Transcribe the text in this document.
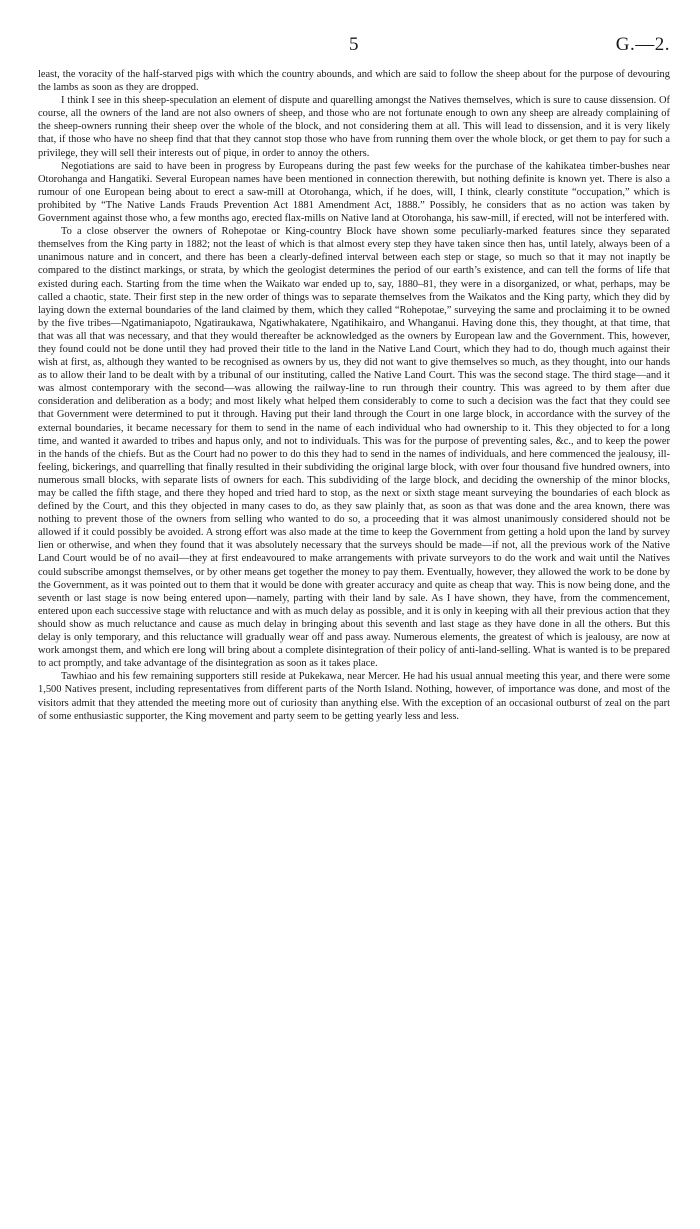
5	G.—2.

least, the voracity of the half-starved pigs with which the country abounds, and which are said to follow the sheep about for the purpose of devouring the lambs as soon as they are dropped.

I think I see in this sheep-speculation an element of dispute and quarelling amongst the Natives themselves, which is sure to cause dissension. Of course, all the owners of the land are not also owners of sheep, and those who are not fortunate enough to own any sheep are already complaining of the sheep-owners running their sheep over the whole of the block, and not considering them at all. This will lead to dissension, and it is very likely that, if those who have no sheep find that that they cannot stop those who have from running them over the whole block, or get them to pay for such a privilege, they will sell their interests out of pique, in order to annoy the others.

Negotiations are said to have been in progress by Europeans during the past few weeks for the purchase of the kahikatea timber-bushes near Otorohanga and Hangatiki. Several European names have been mentioned in connection therewith, but nothing definite is known yet. There is also a rumour of one European being about to erect a saw-mill at Otorohanga, which, if he does, will, I think, clearly constitute “occupation,” which is prohibited by “The Native Lands Frauds Prevention Act 1881 Amendment Act, 1888.” Possibly, he considers that as no action was taken by Government against those who, a few months ago, erected flax-mills on Native land at Otorohanga, his saw-mill, if erected, will not be interfered with.

To a close observer the owners of Rohepotae or King-country Block have shown some peculiarly-marked features since they separated themselves from the King party in 1882; not the least of which is that almost every step they have taken since then has, until lately, always been of a unanimous nature and in concert, and there has been a clearly-defined interval between each step or stage, so much so that it may not inaptly be compared to the distinct markings, or strata, by which the geologist determines the period of our earth’s existence, and can tell the forms of life that existed during each. Starting from the time when the Waikato war ended up to, say, 1880–81, they were in a disorganized, or what, perhaps, may be called a chaotic, state. Their first step in the new order of things was to separate themselves from the Waikatos and the King party, which they did by laying down the external boundaries of the land claimed by them, which they called “Rohepotae,” surveying the same and proclaiming it to be owned by the five tribes—Ngatimaniapoto, Ngatiraukawa, Ngatiwhakatere, Ngatihikairo, and Whanganui. Having done this, they thought, at that time, that that was all that was necessary, and that they would thereafter be acknowledged as the owners by European law and the Government. This, however, they found could not be done until they had proved their title to the land in the Native Land Court, which they had to do, though much against their wish at first, as, although they wanted to be recognised as owners by us, they did not want to give themselves so much, as they thought, into our hands as to allow their land to be dealt with by a tribunal of our instituting, called the Native Land Court. This was the second stage. The third stage—and it was almost contemporary with the second—was allowing the railway-line to run through their country. This was agreed to by them after due consideration and deliberation as a body; and most likely what helped them considerably to come to such a decision was the fact that they could see that Government were determined to put it through. Having put their land through the Court in one large block, in accordance with the survey of the external boundaries, it became necessary for them to send in the name of each individual who had ownership to it. This they objected to for a long time, and wanted it awarded to tribes and hapus only, and not to individuals. This was for the purpose of preventing sales, &c., and to keep the power in the hands of the chiefs. But as the Court had no power to do this they had to send in the names of individuals, and here commenced the jealousy, ill-feeling, bickerings, and quarrelling that finally resulted in their subdividing the original large block, with over four thousand five hundred owners, into numerous small blocks, with separate lists of owners for each. This subdividing of the large block, and deciding the ownership of the minor blocks, may be called the fifth stage, and there they hoped and tried hard to stop, as the next or sixth stage meant surveying the boundaries of each block as defined by the Court, and this they objected in many cases to do, as they saw plainly that, as soon as that was done and the area known, there was nothing to prevent those of the owners from selling who wanted to do so, a proceeding that it was almost unanimously considered should not be allowed if it could possibly be avoided. A strong effort was also made at the time to keep the Government from getting a hold upon the land by survey lien or otherwise, and when they found that it was absolutely necessary that the surveys should be made—if not, all the previous work of the Native Land Court would be of no avail—they at first endeavoured to make arrangements with private surveyors to do the work and wait until the Natives could subscribe amongst themselves, or by other means get together the money to pay them. Eventually, however, they allowed the work to be done by the Government, as it was pointed out to them that it would be done with greater accuracy and quite as cheap that way. This is now being done, and the seventh or last stage is now being entered upon—namely, parting with their land by sale. As I have shown, they have, from the commencement, entered upon each successive stage with reluctance and with as much delay as possible, and it is only in keeping with all their previous action that they should show as much reluctance and cause as much delay in bringing about this seventh and last stage as they have done in all the others. But this delay is only temporary, and this reluctance will gradually wear off and pass away. Numerous elements, the greatest of which is jealousy, are now at work amongst them, and which ere long will bring about a complete disintegration of their policy of anti-land-selling. What is wanted is to be prepared to act promptly, and take advantage of the disintegration as soon as it takes place.

Tawhiao and his few remaining supporters still reside at Pukekawa, near Mercer. He had his usual annual meeting this year, and there were some 1,500 Natives present, including representatives from different parts of the North Island. Nothing, however, of importance was done, and most of the visitors admit that they attended the meeting more out of curiosity than anything else. With the exception of an occasional outburst of zeal on the part of some enthusiastic supporter, the King movement and party seem to be getting yearly less and less.
